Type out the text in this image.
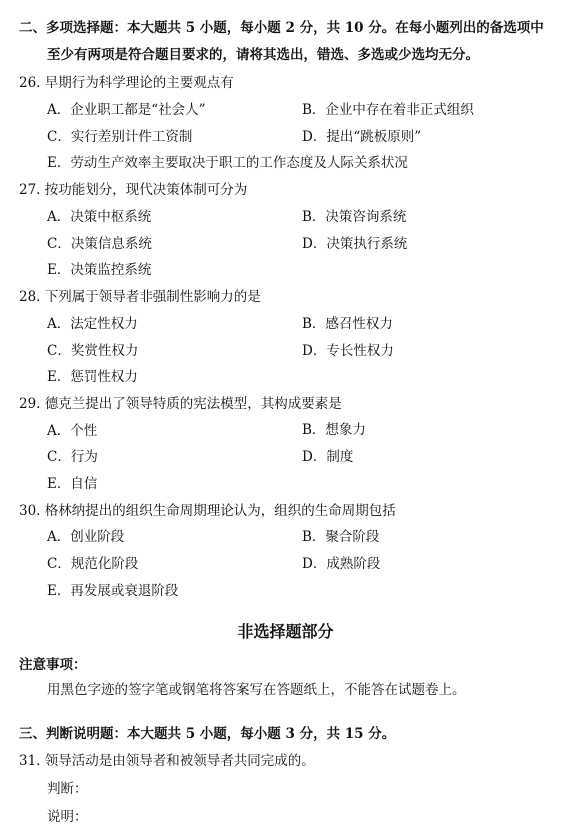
二、多项选择题：本大题共 5 小题，每小题 2 分，共 10 分。在每小题列出的备选项中
至少有两项是符合题目要求的，请将其选出，错选、多选或少选均无分。
26. 早期行为科学理论的主要观点有
A．企业职工都是“社会人”	B．企业中存在着非正式组织
C．实行差别计件工资制	D．提出“跳板原则”
E．劳动生产效率主要取决于职工的工作态度及人际关系状况
27. 按功能划分，现代决策体制可分为
A．决策中枢系统	B．决策咨询系统
C．决策信息系统	D．决策执行系统
E．决策监控系统
28. 下列属于领导者非强制性影响力的是
A．法定性权力	B．感召性权力
C．奖赏性权力	D．专长性权力
E．惩罚性权力
29. 德克兰提出了领导特质的宪法模型，其构成要素是
A．个性	B．想象力
C．行为	D．制度
E．自信
30. 格林纳提出的组织生命周期理论认为，组织的生命周期包括
A．创业阶段	B．聚合阶段
C．规范化阶段	D．成熟阶段
E．再发展或衰退阶段
非选择题部分
注意事项：
用黑色字迹的签字笔或钢笔将答案写在答题纸上，不能答在试题卷上。
三、判断说明题：本大题共 5 小题，每小题 3 分，共 15 分。
31. 领导活动是由领导者和被领导者共同完成的。
判断：
说明：
